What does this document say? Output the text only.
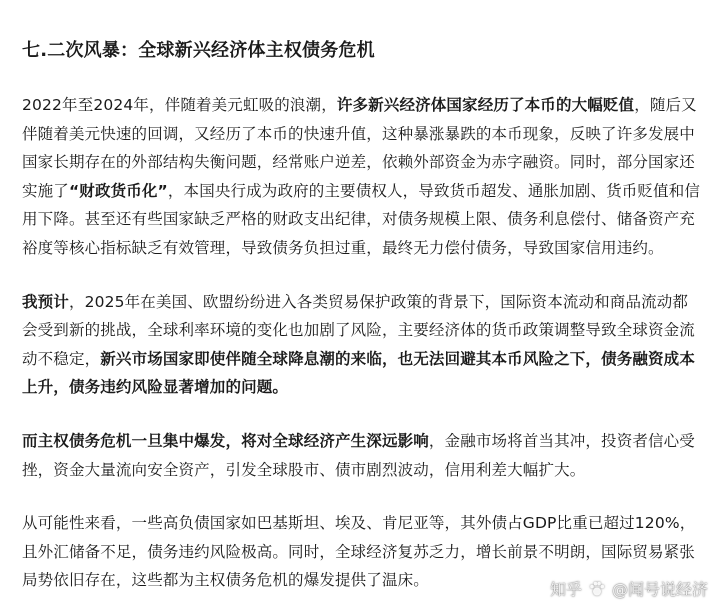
七.二次风暴：全球新兴经济体主权债务危机

2022年至2024年，伴随着美元虹吸的浪潮，许多新兴经济体国家经历了本币的大幅贬值，随后又伴随着美元快速的回调，又经历了本币的快速升值，这种暴涨暴跌的本币现象，反映了许多发展中国家长期存在的外部结构失衡问题，经常账户逆差，依赖外部资金为赤字融资。同时，部分国家还实施了“财政货币化”，本国央行成为政府的主要债权人，导致货币超发、通胀加剧、货币贬值和信用下降。甚至还有些国家缺乏严格的财政支出纪律，对债务规模上限、债务利息偿付、储备资产充裕度等核心指标缺乏有效管理，导致债务负担过重，最终无力偿付债务，导致国家信用违约。

我预计，2025年在美国、欧盟纷纷进入各类贸易保护政策的背景下，国际资本流动和商品流动都会受到新的挑战，全球利率环境的变化也加剧了风险，主要经济体的货币政策调整导致全球资金流动不稳定，新兴市场国家即使伴随全球降息潮的来临，也无法回避其本币风险之下，债务融资成本上升，债务违约风险显著增加的问题。

而主权债务危机一旦集中爆发，将对全球经济产生深远影响，金融市场将首当其冲，投资者信心受挫，资金大量流向安全资产，引发全球股市、债市剧烈波动，信用利差大幅扩大。

从可能性来看，一些高负债国家如巴基斯坦、埃及、肯尼亚等，其外债占GDP比重已超过120%，且外汇储备不足，债务违约风险极高。同时，全球经济复苏乏力，增长前景不明朗，国际贸易紧张局势依旧存在，这些都为主权债务危机的爆发提供了温床。	知乎 @闻号说经济
